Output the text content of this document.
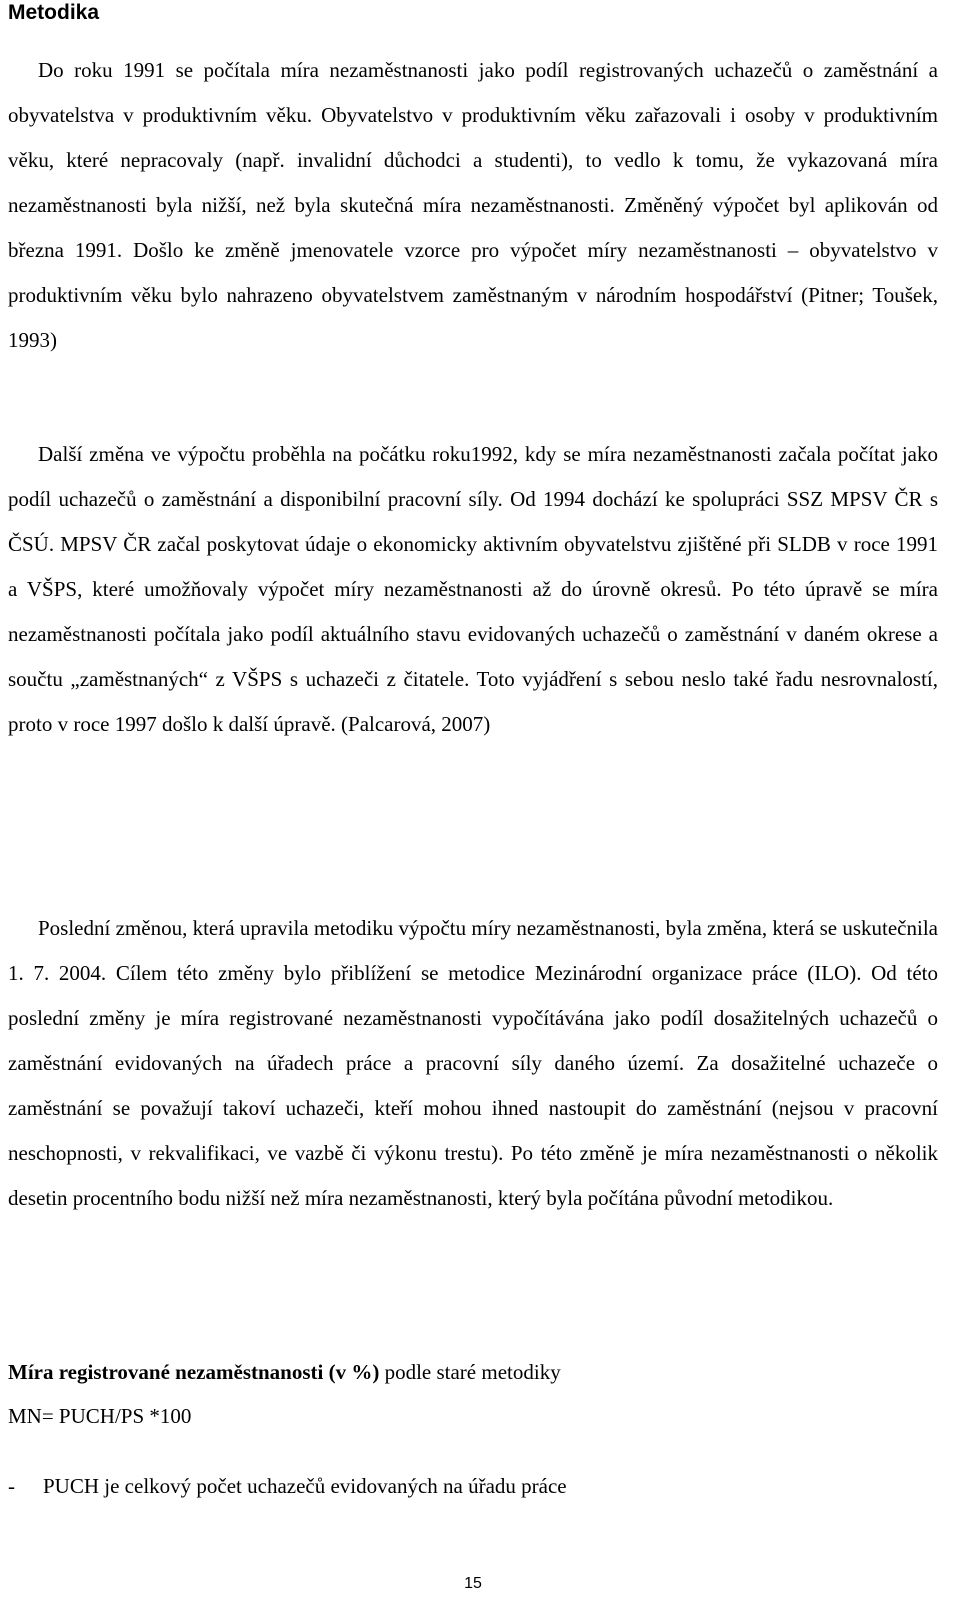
Metodika

Do roku 1991 se počítala míra nezaměstnanosti jako podíl registrovaných uchazečů o zaměstnání a obyvatelstva v produktivním věku. Obyvatelstvo v produktivním věku zařazovali i osoby v produktivním věku, které nepracovaly (např. invalidní důchodci a studenti), to vedlo k tomu, že vykazovaná míra nezaměstnanosti byla nižší, než byla skutečná míra nezaměstnanosti. Změněný výpočet byl aplikován od března 1991. Došlo ke změně jmenovatele vzorce pro výpočet míry nezaměstnanosti – obyvatelstvo v produktivním věku bylo nahrazeno obyvatelstvem zaměstnaným v národním hospodářství (Pitner; Toušek, 1993)

Další změna ve výpočtu proběhla na počátku roku1992, kdy se míra nezaměstnanosti začala počítat jako podíl uchazečů o zaměstnání a disponibilní pracovní síly. Od 1994 dochází ke spolupráci SSZ MPSV ČR s ČSÚ. MPSV ČR začal poskytovat údaje o ekonomicky aktivním obyvatelstvu zjištěné při SLDB v roce 1991 a VŠPS, které umožňovaly výpočet míry nezaměstnanosti až do úrovně okresů. Po této úpravě se míra nezaměstnanosti počítala jako podíl aktuálního stavu evidovaných uchazečů o zaměstnání v daném okrese a součtu „zaměstnaných“ z VŠPS s uchazeči z čitatele. Toto vyjádření s sebou neslo také řadu nesrovnalostí, proto v roce 1997 došlo k další úpravě. (Palcarová, 2007)

Poslední změnou, která upravila metodiku výpočtu míry nezaměstnanosti, byla změna, která se uskutečnila 1. 7. 2004. Cílem této změny bylo přiblížení se metodice Mezinárodní organizace práce (ILO). Od této poslední změny je míra registrované nezaměstnanosti vypočítávána jako podíl dosažitelných uchazečů o zaměstnání evidovaných na úřadech práce a pracovní síly daného území. Za dosažitelné uchazeče o zaměstnání se považují takoví uchazeči, kteří mohou ihned nastoupit do zaměstnání (nejsou v pracovní neschopnosti, v rekvalifikaci, ve vazbě či výkonu trestu). Po této změně je míra nezaměstnanosti o několik desetin procentního bodu nižší než míra nezaměstnanosti, který byla počítána původní metodikou.

Míra registrované nezaměstnanosti (v %) podle staré metodiky
MN= PUCH/PS *100
-	PUCH je celkový počet uchazečů evidovaných na úřadu práce
15
